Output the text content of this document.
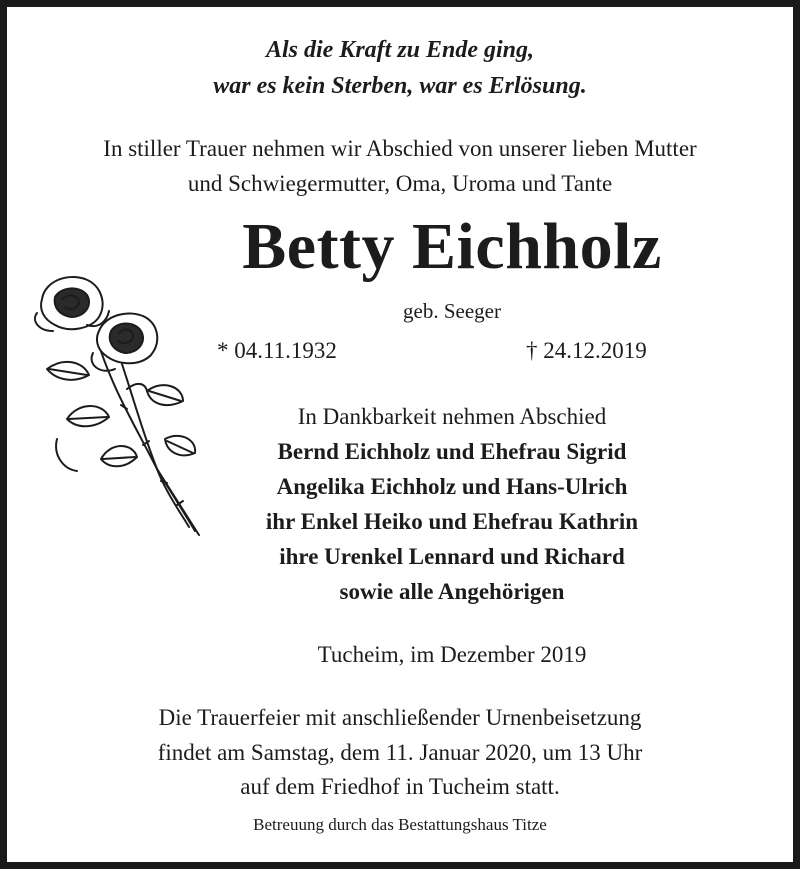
Als die Kraft zu Ende ging,
war es kein Sterben, war es Erlösung.
In stiller Trauer nehmen wir Abschied von unserer lieben Mutter
und Schwiegermutter, Oma, Uroma und Tante
Betty Eichholz
geb. Seeger
* 04.11.1932	† 24.12.2019
In Dankbarkeit nehmen Abschied
Bernd Eichholz und Ehefrau Sigrid
Angelika Eichholz und Hans-Ulrich
ihr Enkel Heiko und Ehefrau Kathrin
ihre Urenkel Lennard und Richard
sowie alle Angehörigen
Tucheim, im Dezember 2019
Die Trauerfeier mit anschließender Urnenbeisetzung
findet am Samstag, dem 11. Januar 2020, um 13 Uhr
auf dem Friedhof in Tucheim statt.
Betreuung durch das Bestattungshaus Titze
